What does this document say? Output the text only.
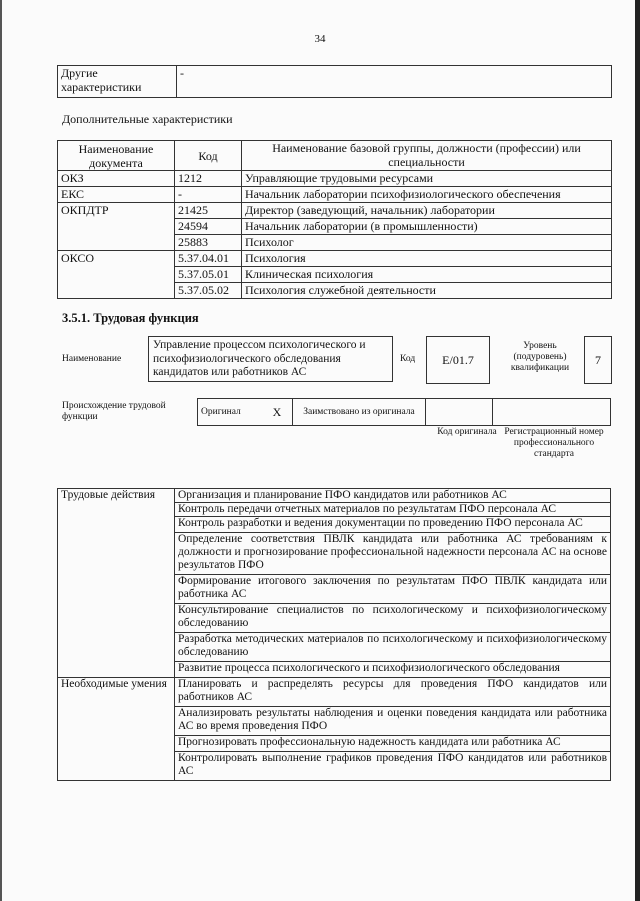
34
Другие характеристики	-
Дополнительные характеристики
Наименование документа	Код	Наименование базовой группы, должности (профессии) или специальности
ОКЗ	1212	Управляющие трудовыми ресурсами
ЕКС	-	Начальник лаборатории психофизиологического обеспечения
ОКПДТР	21425	Директор (заведующий, начальник) лаборатории
	24594	Начальник лаборатории (в промышленности)
	25883	Психолог
ОКСО	5.37.04.01	Психология
	5.37.05.01	Клиническая психология
	5.37.05.02	Психология служебной деятельности
3.5.1. Трудовая функция
Наименование
Управление процессом психологического и психофизиологического обследования кандидатов или работников АС
Код	E/01.7
Уровень (подуровень) квалификации
7
Происхождение трудовой функции
Оригинал	X	Заимствовано из оригинала		
Код оригинала Регистрационный номер профессионального стандарта
Трудовые действия	Организация и планирование ПФО кандидатов или работников АС
	Контроль передачи отчетных материалов по результатам ПФО персонала АС
	Контроль разработки и ведения документации по проведению ПФО персонала АС
	Определение соответствия ПВЛК кандидата или работника АС требованиям к должности и прогнозирование профессиональной надежности персонала АС на основе результатов ПФО
	Формирование итогового заключения по результатам ПФО ПВЛК кандидата или работника АС
	Консультирование специалистов по психологическому и психофизиологическому обследованию
	Разработка методических материалов по психологическому и психофизиологическому обследованию
	Развитие процесса психологического и психофизиологического обследования
Необходимые умения	Планировать и распределять ресурсы для проведения ПФО кандидатов или работников АС
	Анализировать результаты наблюдения и оценки поведения кандидата или работника АС во время проведения ПФО
	Прогнозировать профессиональную надежность кандидата или работника АС
	Контролировать выполнение графиков проведения ПФО кандидатов или работников АС
